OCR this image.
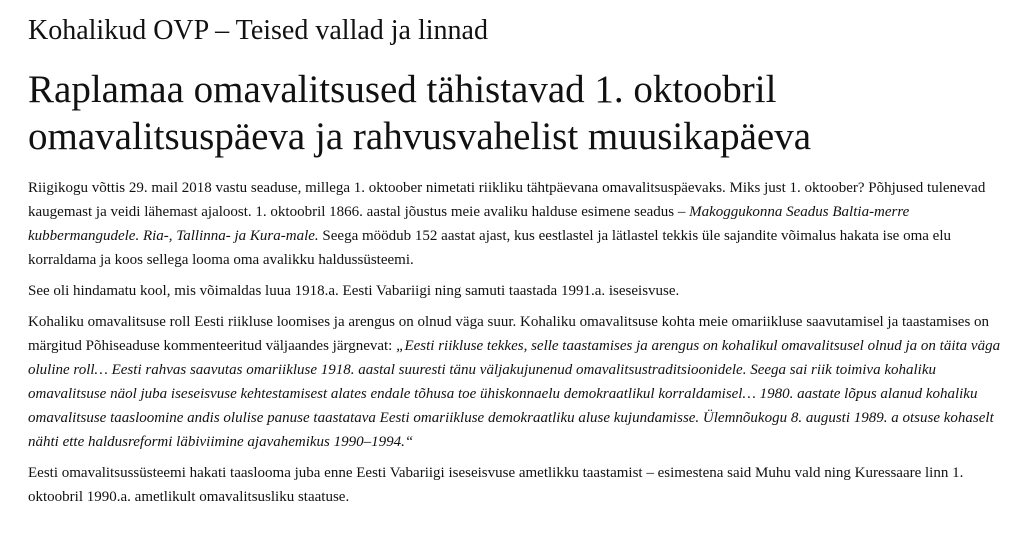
Kohalikud OVP – Teised vallad ja linnad
Raplamaa omavalitsused tähistavad 1. oktoobril omavalitsuspäeva ja rahvusvahelist muusikapäeva

Riigikogu võttis 29. mail 2018 vastu seaduse, millega 1. oktoober nimetati riikliku tähtpäevana omavalitsuspäevaks. Miks just 1. oktoober? Põhjused tulenevad kaugemast ja veidi lähemast ajaloost. 1. oktoobril 1866. aastal jõustus meie avaliku halduse esimene seadus – Makoggukonna Seadus Baltia-merre kubbermangudele. Ria-, Tallinna- ja Kura-male. Seega möödub 152 aastat ajast, kus eestlastel ja lätlastel tekkis üle sajandite võimalus hakata ise oma elu korraldama ja koos sellega looma oma avalikku haldussüsteemi.

See oli hindamatu kool, mis võimaldas luua 1918.a. Eesti Vabariigi ning samuti taastada 1991.a. iseseisvuse.

Kohaliku omavalitsuse roll Eesti riikluse loomises ja arengus on olnud väga suur. Kohaliku omavalitsuse kohta meie omariikluse saavutamisel ja taastamises on märgitud Põhiseaduse kommenteeritud väljaandes järgnevat: „Eesti riikluse tekkes, selle taastamises ja arengus on kohalikul omavalitsusel olnud ja on täita väga oluline roll… Eesti rahvas saavutas omariikluse 1918. aastal suuresti tänu väljakujunenud omavalitsustraditsioonidele. Seega sai riik toimiva kohaliku omavalitsuse näol juba iseseisvuse kehtestamisest alates endale tõhusa toe ühiskonnaelu demokraatlikul korraldamisel… 1980. aastate lõpus alanud kohaliku omavalitsuse taasloomine andis olulise panuse taastatava Eesti omariikluse demokraatliku aluse kujundamisse. Ülemnõukogu 8. augusti 1989. a otsuse kohaselt nähti ette haldusreformi läbiviimine ajavahemikus 1990–1994.“

Eesti omavalitsussüsteemi hakati taaslooma juba enne Eesti Vabariigi iseseisvuse ametlikku taastamist – esimestena said Muhu vald ning Kuressaare linn 1. oktoobril 1990.a. ametlikult omavalitsusliku staatuse.
